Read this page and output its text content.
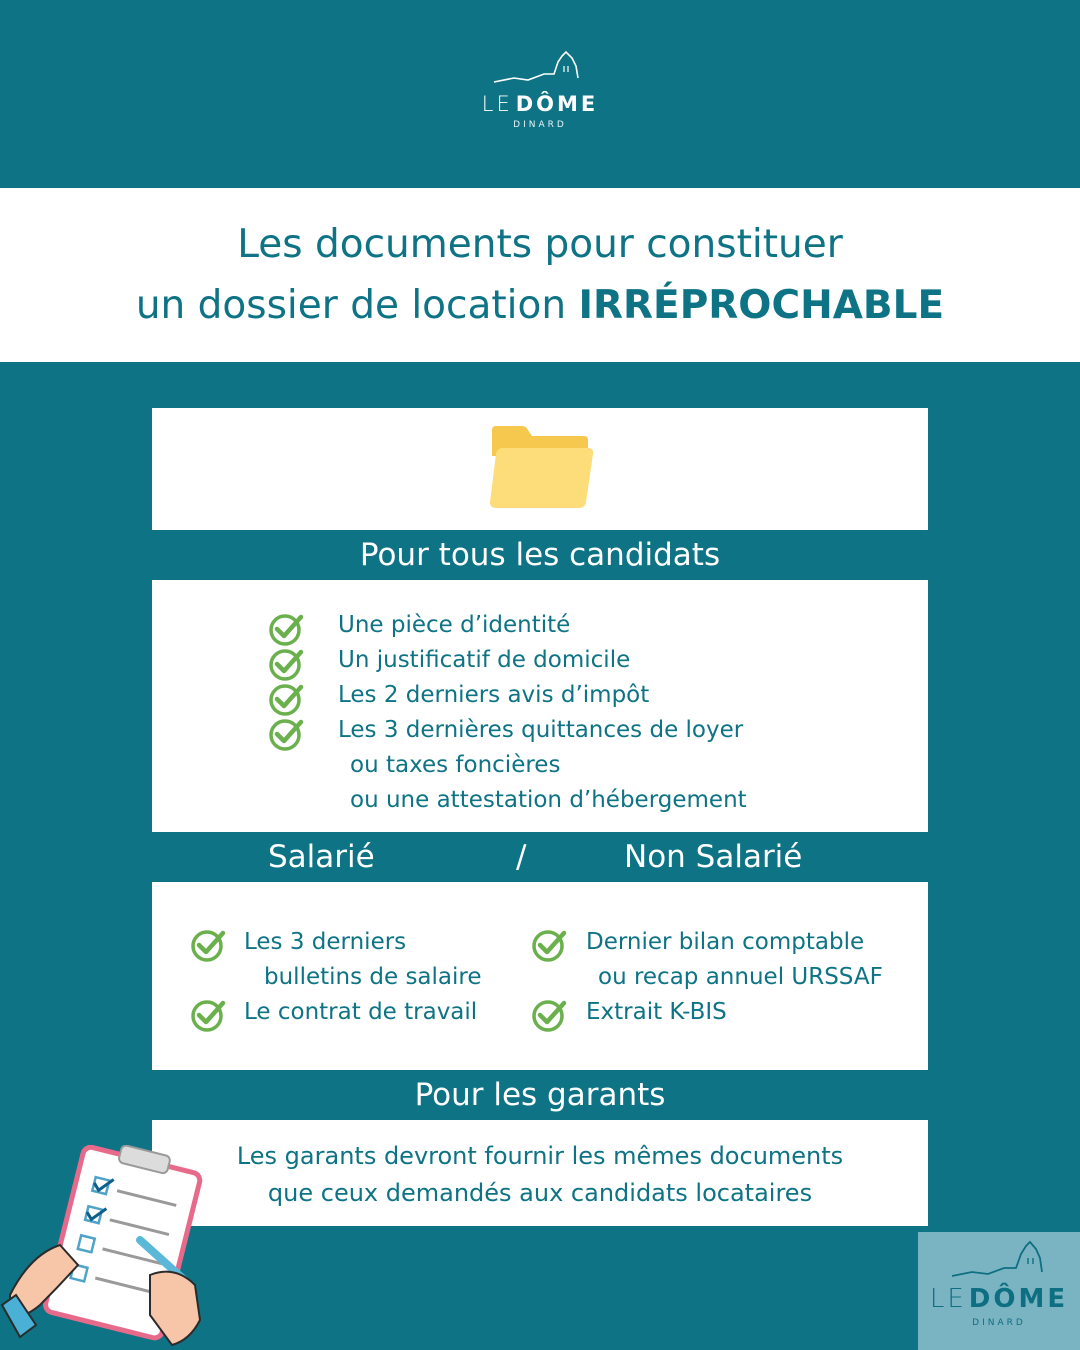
LE DÔME
DINARD
Les documents pour constituer
un dossier de location IRRÉPROCHABLE
Pour tous les candidats
Une pièce d’identité
Un justificatif de domicile
Les 2 derniers avis d’impôt
Les 3 dernières quittances de loyer
ou taxes foncières
ou une attestation d’hébergement
Salarié	/	Non Salarié
Les 3 derniers
bulletins de salaire
Le contrat de travail
Dernier bilan comptable
ou recap annuel URSSAF
Extrait K-BIS
Pour les garants
Les garants devront fournir les mêmes documents
que ceux demandés aux candidats locataires
LE DÔME
DINARD
